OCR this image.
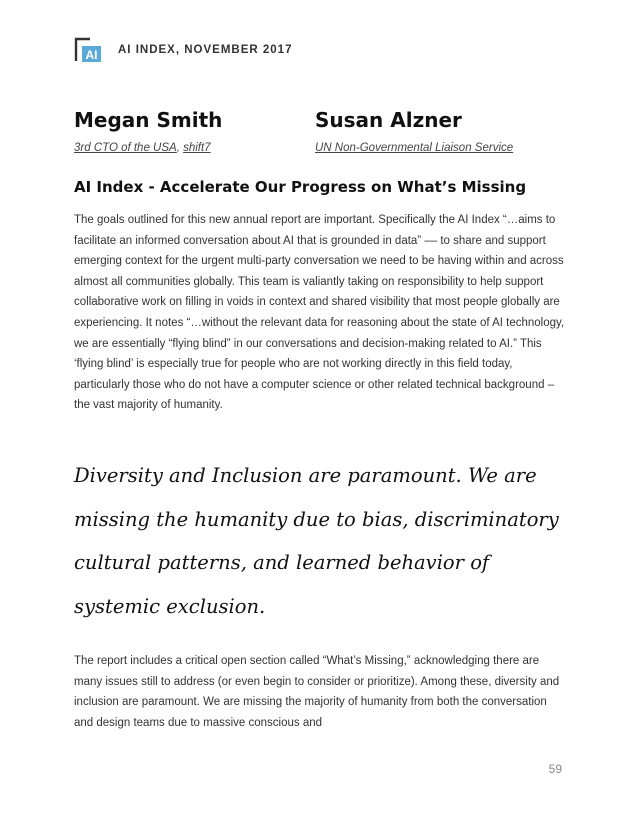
AI AI INDEX, NOVEMBER 2017
Megan Smith
3rd CTO of the USA, shift7
Susan Alzner
UN Non-Governmental Liaison Service
AI Index - Accelerate Our Progress on What’s Missing

The goals outlined for this new annual report are important. Specifically the AI Index “…aims to facilitate an informed conversation about AI that is grounded in data” –– to share and support emerging context for the urgent multi-party conversation we need to be having within and across almost all communities globally. This team is valiantly taking on responsibility to help support collaborative work on filling in voids in context and shared visibility that most people globally are experiencing. It notes “…without the relevant data for reasoning about the state of AI technology, we are essentially “flying blind” in our conversations and decision-making related to AI.” This ‘flying blind’ is especially true for people who are not working directly in this field today, particularly those who do not have a computer science or other related technical background – the vast majority of humanity.

Diversity and Inclusion are paramount. We are missing the humanity due to bias, discriminatory cultural patterns, and learned behavior of systemic exclusion.

The report includes a critical open section called “What’s Missing,” acknowledging there are many issues still to address (or even begin to consider or prioritize). Among these, diversity and inclusion are paramount. We are missing the majority of humanity from both the conversation and design teams due to massive conscious and

59
